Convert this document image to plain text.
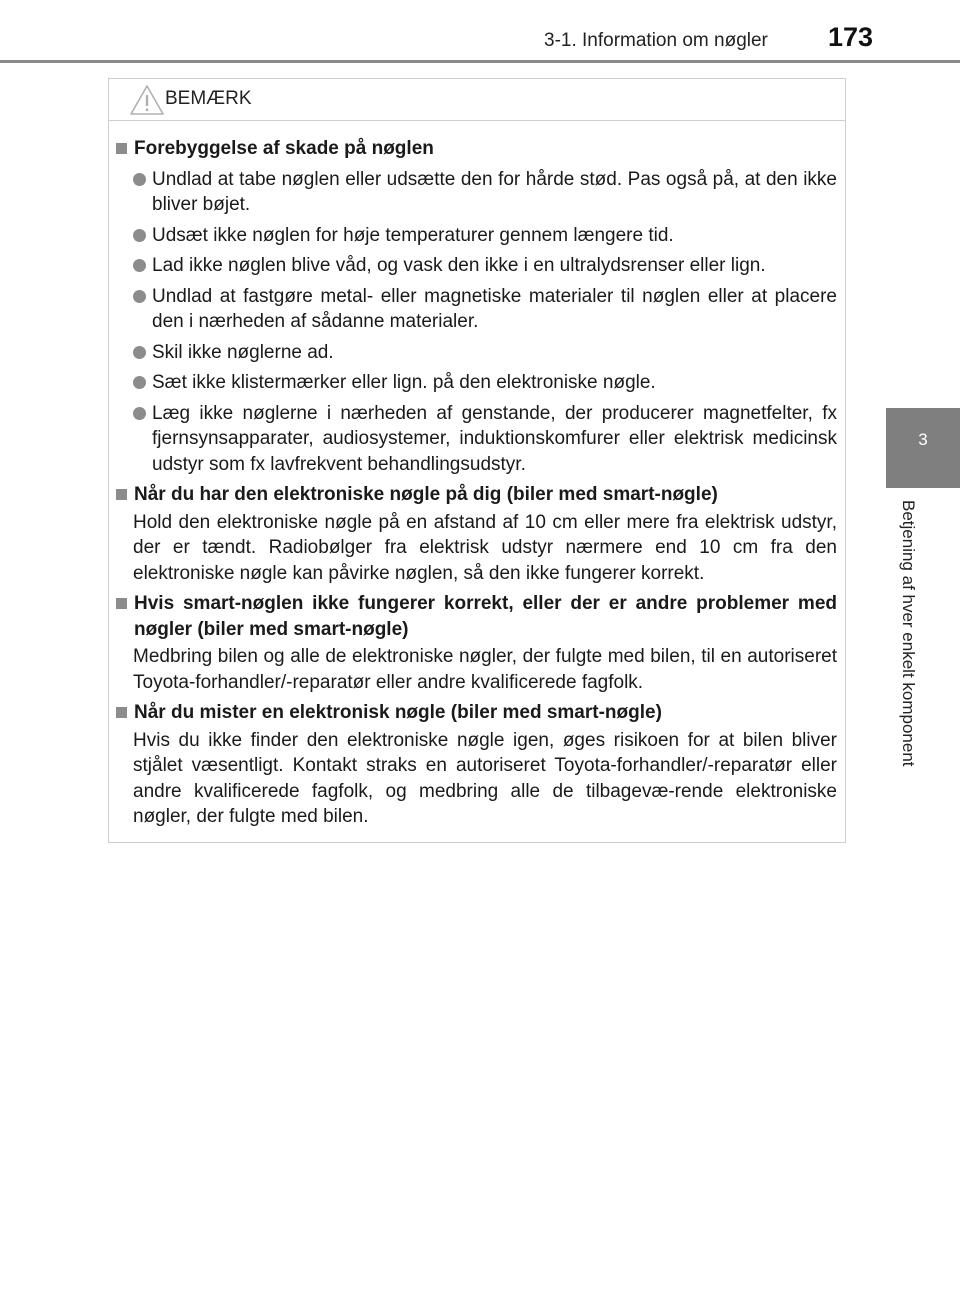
3-1. Information om nøgler 173
3
Betjening af hver enkelt komponent
BEMÆRK
Forebyggelse af skade på nøglen
Undlad at tabe nøglen eller udsætte den for hårde stød. Pas også på, at den ikke bliver bøjet.
Udsæt ikke nøglen for høje temperaturer gennem længere tid.
Lad ikke nøglen blive våd, og vask den ikke i en ultralydsrenser eller lign.
Undlad at fastgøre metal- eller magnetiske materialer til nøglen eller at placere den i nærheden af sådanne materialer.
Skil ikke nøglerne ad.
Sæt ikke klistermærker eller lign. på den elektroniske nøgle.
Læg ikke nøglerne i nærheden af genstande, der producerer magnetfelter, fx fjernsynsapparater, audiosystemer, induktionskomfurer eller elektrisk medicinsk udstyr som fx lavfrekvent behandlingsudstyr.
Når du har den elektroniske nøgle på dig (biler med smart-nøgle)
Hold den elektroniske nøgle på en afstand af 10 cm eller mere fra elektrisk udstyr, der er tændt. Radiobølger fra elektrisk udstyr nærmere end 10 cm fra den elektroniske nøgle kan påvirke nøglen, så den ikke fungerer korrekt.
Hvis smart-nøglen ikke fungerer korrekt, eller der er andre problemer med nøgler (biler med smart-nøgle)
Medbring bilen og alle de elektroniske nøgler, der fulgte med bilen, til en autoriseret Toyota-forhandler/-reparatør eller andre kvalificerede fagfolk.
Når du mister en elektronisk nøgle (biler med smart-nøgle)
Hvis du ikke finder den elektroniske nøgle igen, øges risikoen for at bilen bliver stjålet væsentligt. Kontakt straks en autoriseret Toyota-forhandler/-reparatør eller andre kvalificerede fagfolk, og medbring alle de tilbagevæ-rende elektroniske nøgler, der fulgte med bilen.
